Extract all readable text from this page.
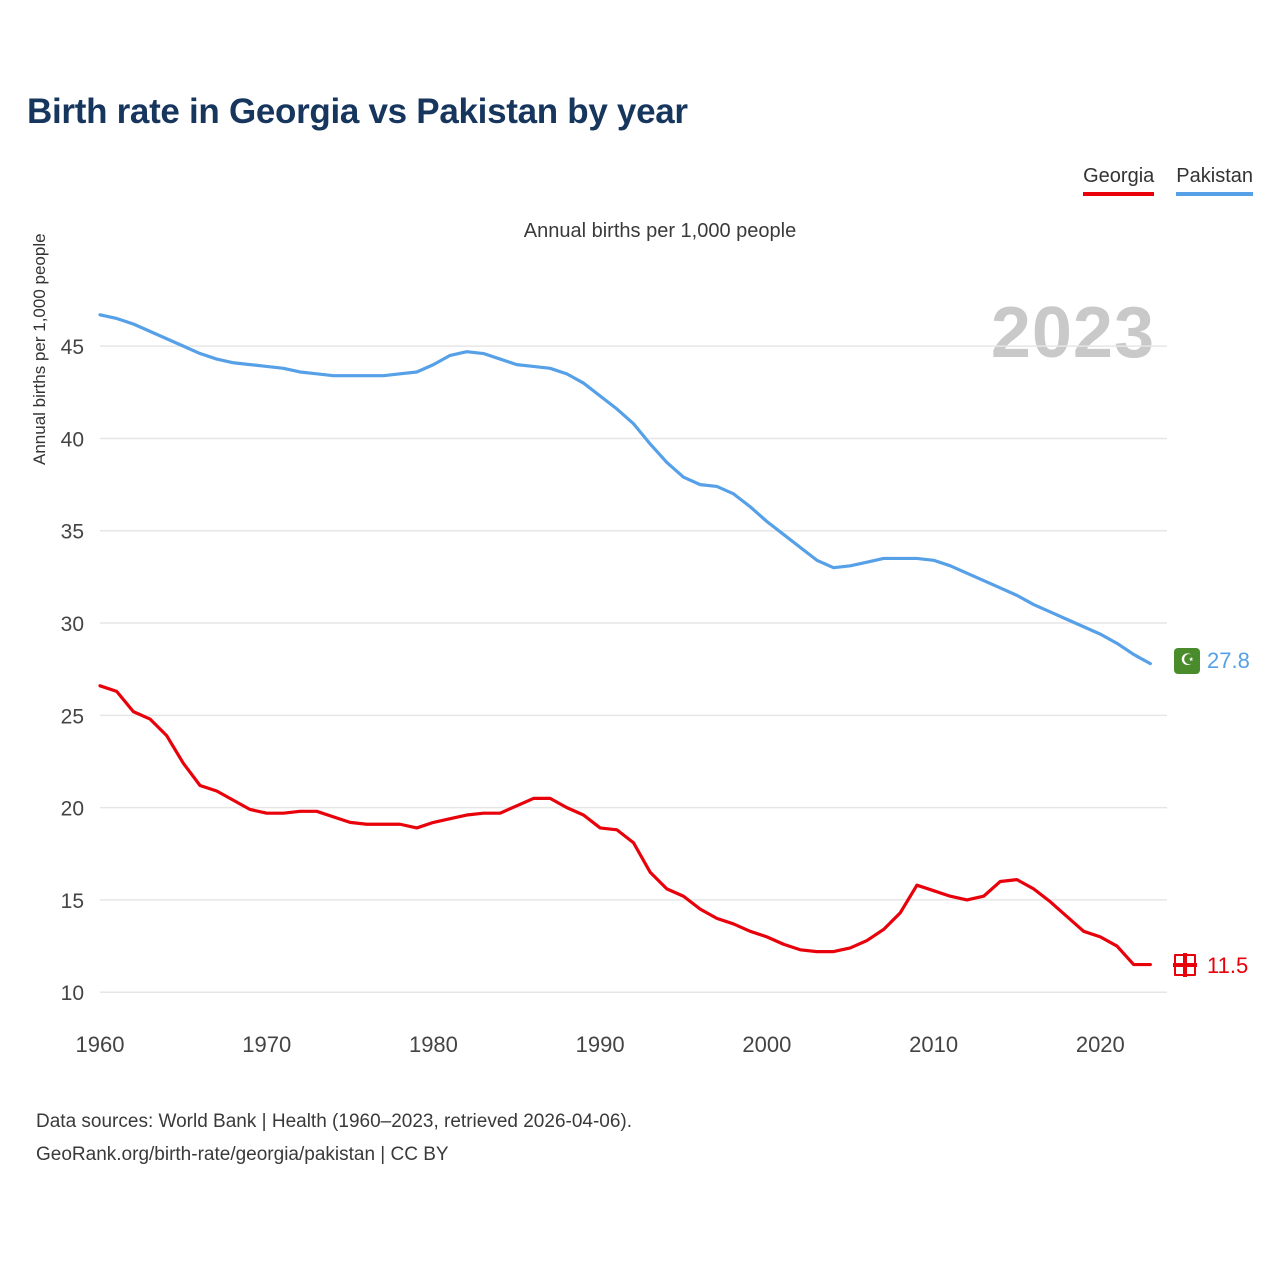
Birth rate in Georgia vs Pakistan by year
Georgia Pakistan
Annual births per 1,000 people
Annual births per 1,000 people	2023
10
15
20
25
30
35
40
45
1960	1970	1980	1990	2000	2010	2020
☪ 27.8
11.5
Data sources: World Bank | Health (1960–2023, retrieved 2026-04-06).
GeoRank.org/birth-rate/georgia/pakistan | CC BY
